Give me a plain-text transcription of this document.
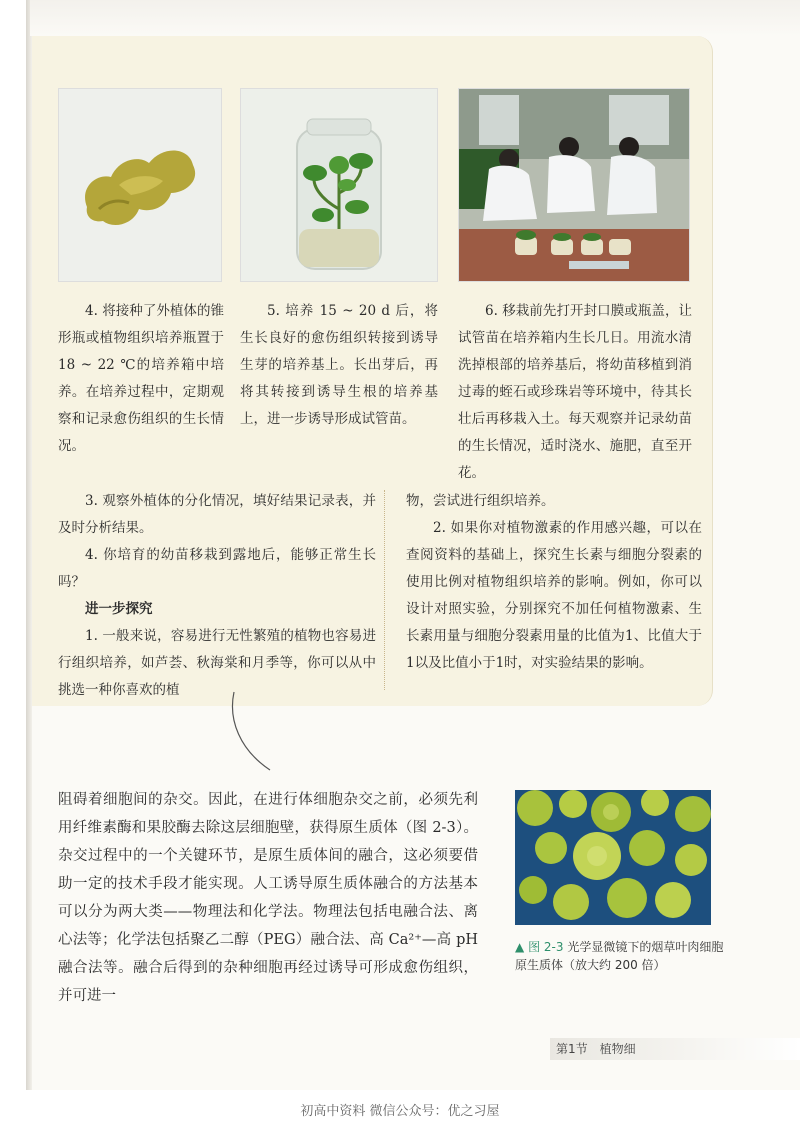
4. 将接种了外植体的锥形瓶或植物组织培养瓶置于 18 ~ 22 ℃的培养箱中培养。在培养过程中，定期观察和记录愈伤组织的生长情况。

5. 培养 15 ~ 20 d 后，将生长良好的愈伤组织转接到诱导生芽的培养基上。长出芽后，再将其转接到诱导生根的培养基上，进一步诱导形成试管苗。

6. 移栽前先打开封口膜或瓶盖，让试管苗在培养箱内生长几日。用流水清洗掉根部的培养基后，将幼苗移植到消过毒的蛭石或珍珠岩等环境中，待其长壮后再移栽入土。每天观察并记录幼苗的生长情况，适时浇水、施肥，直至开花。

3. 观察外植体的分化情况，填好结果记录表，并及时分析结果。

4. 你培育的幼苗移栽到露地后，能够正常生长吗？

进一步探究

1. 一般来说，容易进行无性繁殖的植物也容易进行组织培养，如芦荟、秋海棠和月季等，你可以从中挑选一种你喜欢的植

物，尝试进行组织培养。

2. 如果你对植物激素的作用感兴趣，可以在查阅资料的基础上，探究生长素与细胞分裂素的使用比例对植物组织培养的影响。例如，你可以设计对照实验，分别探究不加任何植物激素、生长素用量与细胞分裂素用量的比值为1、比值大于1以及比值小于1时，对实验结果的影响。

阻碍着细胞间的杂交。因此，在进行体细胞杂交之前，必须先利用纤维素酶和果胶酶去除这层细胞壁，获得原生质体（图 2-3）。杂交过程中的一个关键环节，是原生质体间的融合，这必须要借助一定的技术手段才能实现。人工诱导原生质体融合的方法基本可以分为两大类——物理法和化学法。物理法包括电融合法、离心法等；化学法包括聚乙二醇（PEG）融合法、高 Ca²⁺—高 pH 融合法等。融合后得到的杂种细胞再经过诱导可形成愈伤组织，并可进一

▲ 图 2-3 光学显微镜下的烟草叶肉细胞原生质体（放大约 200 倍）
第1节　植物细
初高中资料 微信公众号：优之习屋
